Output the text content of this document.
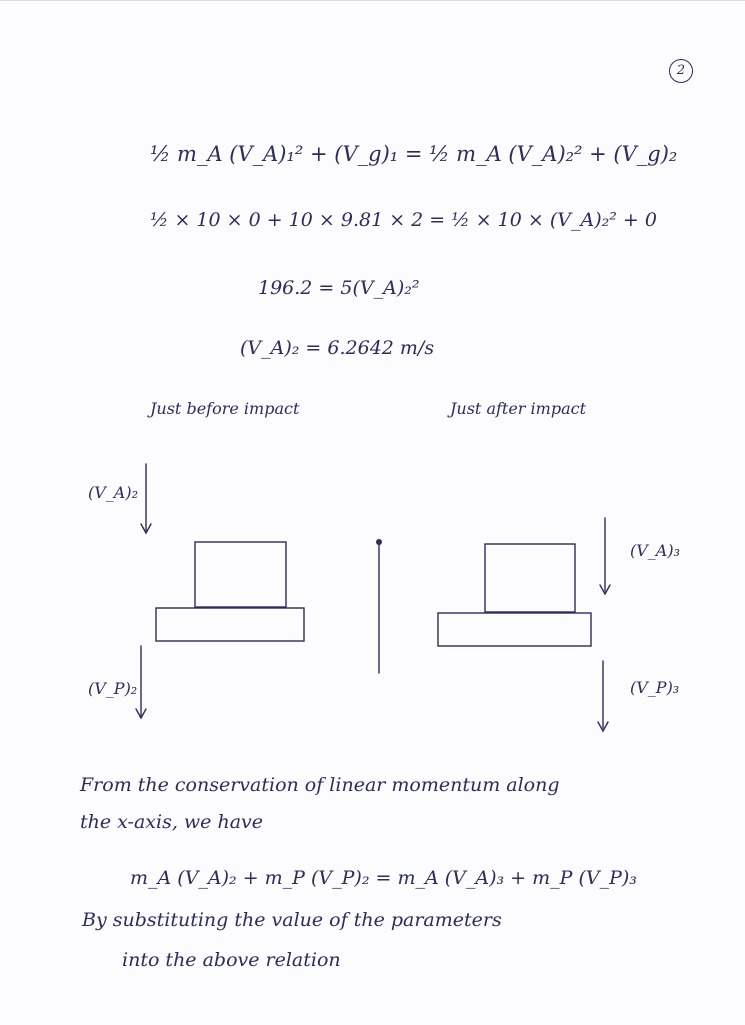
2
½ m_A (V_A)₁² + (V_g)₁ = ½ m_A (V_A)₂² + (V_g)₂
½ × 10 × 0 + 10 × 9.81 × 2 = ½ × 10 × (V_A)₂² + 0
196.2 = 5(V_A)₂²
(V_A)₂ = 6.2642 m/s
Just before impact	Just after impact
(V_A)₂
(V_P)₂
(V_A)₃
(V_P)₃
From the conservation of linear momentum along
the x-axis, we have
m_A (V_A)₂ + m_P (V_P)₂ = m_A (V_A)₃ + m_P (V_P)₃
By substituting the value of the parameters
into the above relation
